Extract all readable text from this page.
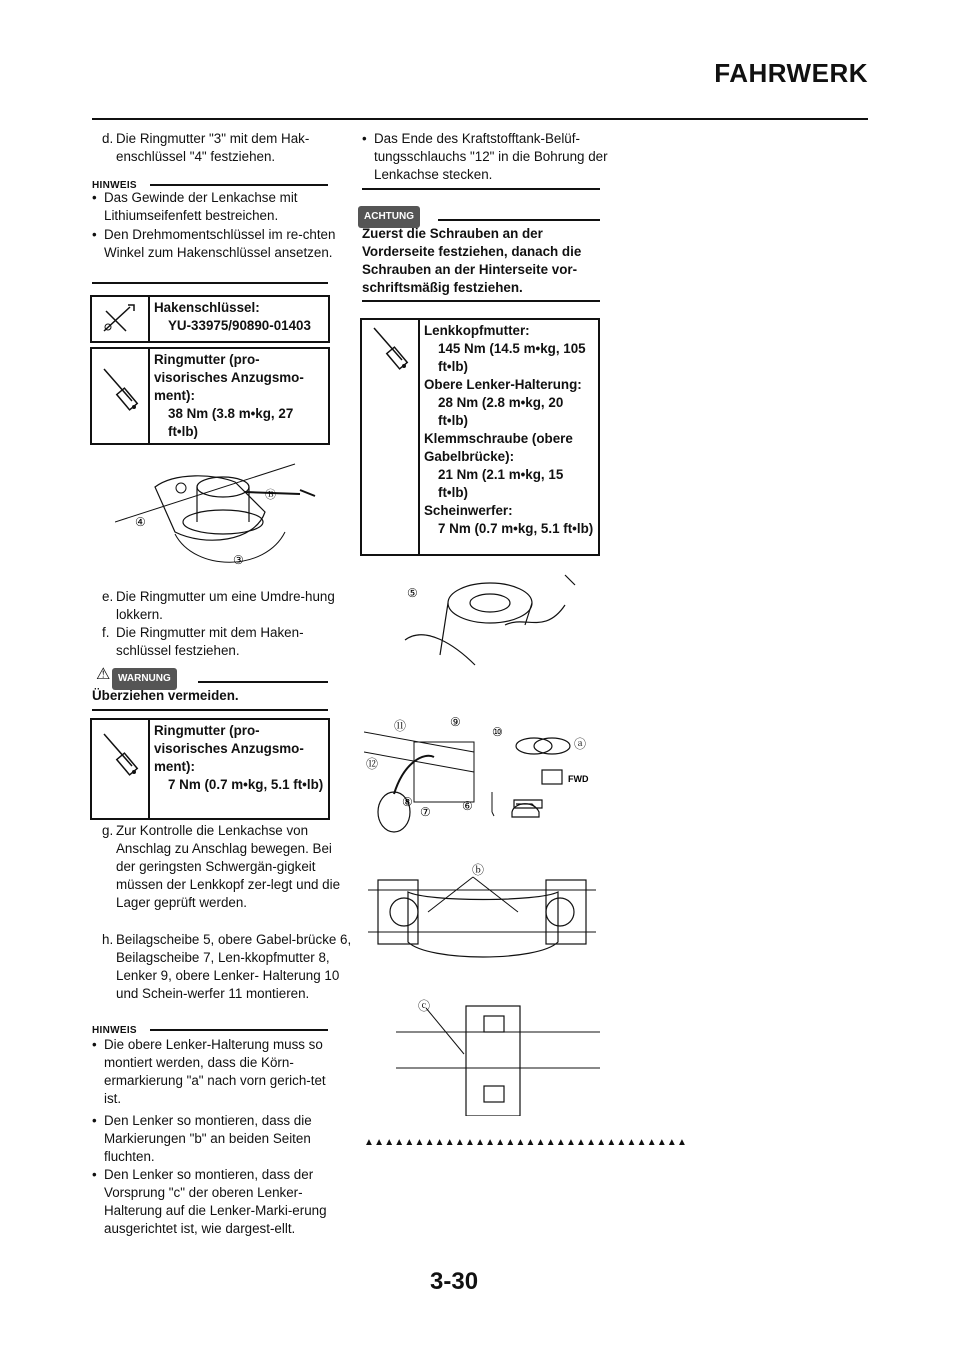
FAHRWERK
d. Die Ringmutter "3" mit dem Hak-enschlüssel "4" festziehen.
HINWEIS
• Das Gewinde der Lenkachse mit Lithiumseifenfett bestreichen.
• Den Drehmomentschlüssel im re-chten Winkel zum Hakenschlüssel ansetzen.
Hakenschlüssel:
YU-33975/90890-01403
Ringmutter (pro-visorisches Anzugsmo-ment):
38 Nm (3.8 m•kg, 27 ft•lb)
④
③
Ⓑ
e. Die Ringmutter um eine Umdre-hung lokkern.
f. Die Ringmutter mit dem Haken-schlüssel festziehen.
⚠ WARNUNG
Überziehen vermeiden.
Ringmutter (pro-visorisches Anzugsmo-ment):
7 Nm (0.7 m•kg, 5.1 ft•lb)
g. Zur Kontrolle die Lenkachse von Anschlag zu Anschlag bewegen. Bei der geringsten Schwergän-gigkeit müssen der Lenkkopf zer-legt und die Lager geprüft werden.
h. Beilagscheibe 5, obere Gabel-brücke 6, Beilagscheibe 7, Len-kkopfmutter 8, Lenker 9, obere Lenker- Halterung 10 und Schein-werfer 11 montieren.
HINWEIS
• Die obere Lenker-Halterung muss so montiert werden, dass die Körn-ermarkierung "a" nach vorn gerich-tet ist.
• Den Lenker so montieren, dass die Markierungen "b" an beiden Seiten fluchten.
• Den Lenker so montieren, dass der Vorsprung "c" der oberen Lenker-Halterung auf die Lenker-Marki-erung ausgerichtet ist, wie dargest-ellt.
• Das Ende des Kraftstofftank-Belüf-tungsschlauchs "12" in die Bohrung der Lenkachse stecken.
ACHTUNG
Zuerst die Schrauben an der Vorderseite festziehen, danach die Schrauben an der Hinterseite vor-schriftsmäßig festziehen.
Lenkkopfmutter:
145 Nm (14.5 m•kg, 105 ft•lb)
Obere Lenker-Halterung:
28 Nm (2.8 m•kg, 20 ft•lb)
Klemmschraube (obere Gabelbrücke):
21 Nm (2.1 m•kg, 15 ft•lb)
Scheinwerfer:
7 Nm (0.7 m•kg, 5.1 ft•lb)
⑤
⑪	⑨
⑫
⑧
⑦	⑥
⑩
ⓐ
FWD
ⓑ
ⓒ
▲▲▲▲▲▲▲▲▲▲▲▲▲▲▲▲▲▲▲▲▲▲▲▲▲▲▲▲▲▲▲▲
3-30
